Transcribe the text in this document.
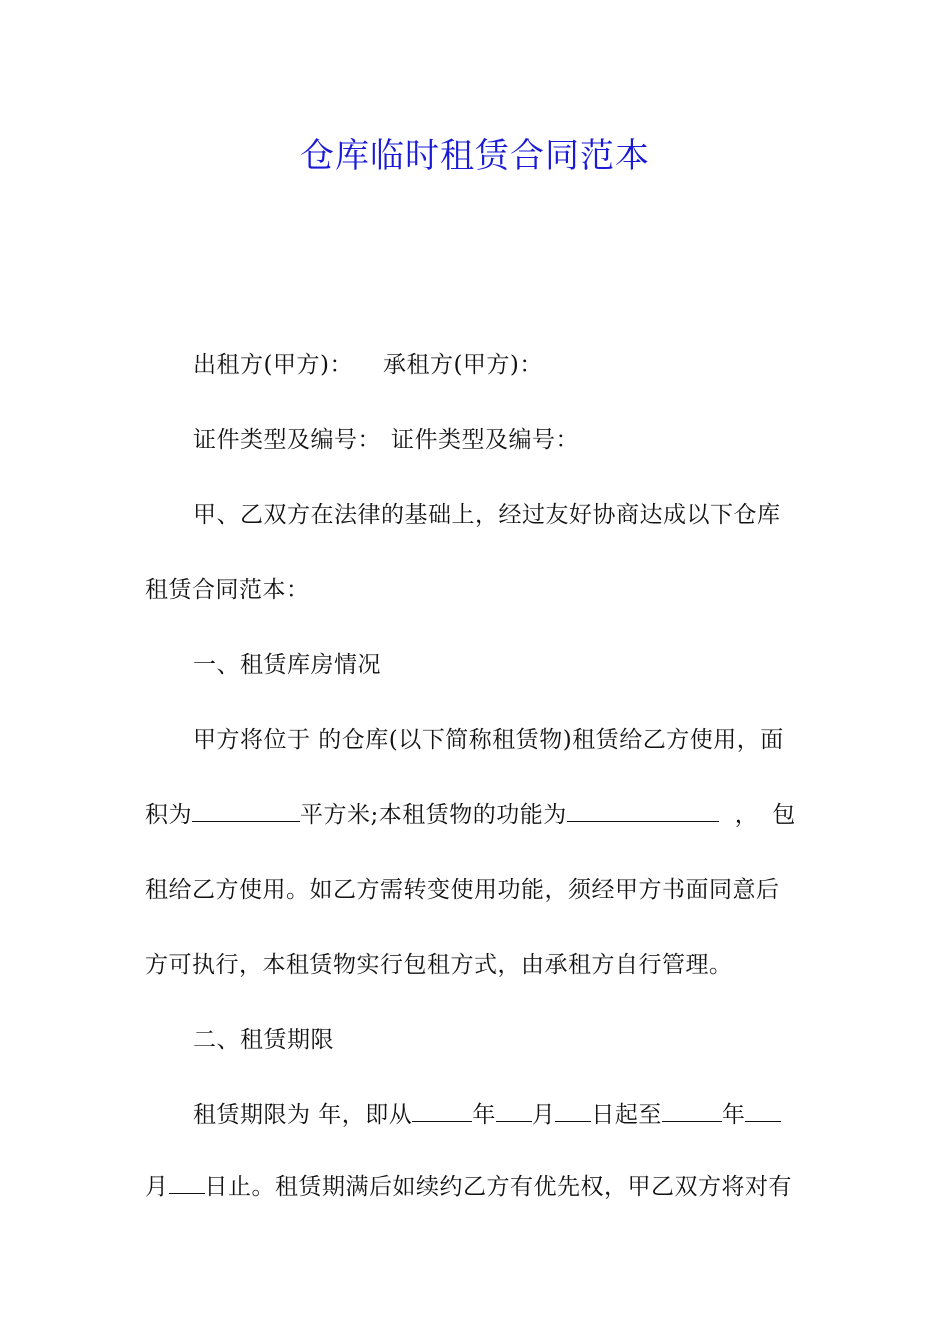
仓库临时租赁合同范本
出租方(甲方)： 承租方(甲方)：
证件类型及编号： 证件类型及编号：
甲、乙双方在法律的基础上，经过友好协商达成以下仓库
租赁合同范本：
一、租赁库房情况
甲方将位于 的仓库(以下简称租赁物)租赁给乙方使用，面
积为	平方米;本租赁物的功能为	， 包
租给乙方使用。如乙方需转变使用功能，须经甲方书面同意后
方可执行，本租赁物实行包租方式，由承租方自行管理。
二、租赁期限
租赁期限为 年，即从	年 月 日起至	年
月 日止。租赁期满后如续约乙方有优先权，甲乙双方将对有
